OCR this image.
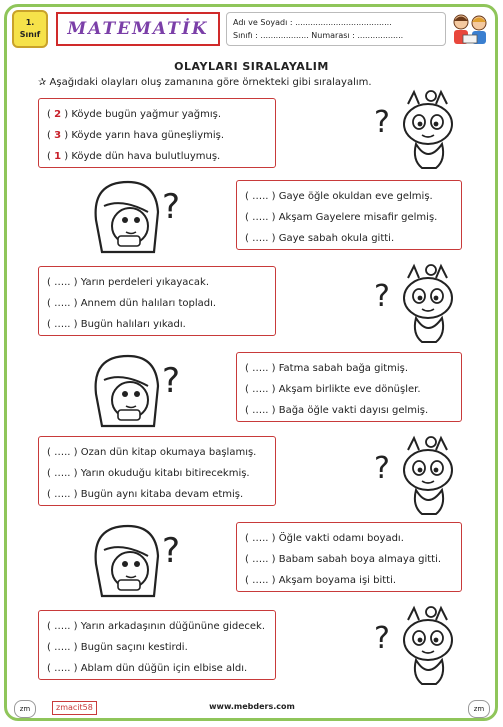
1.
Sınıf	MATEMATİK	Adı ve Soyadı : ......................................
Sınıfı : ................... Numarası : ..................
OLAYLARI SIRALAYALIM
✰ Aşağıdaki olayları oluş zamanına göre örnekteki gibi sıralayalım.
( 2 ) Köyde bugün yağmur yağmış.
( 3 ) Köyde yarın hava güneşliymiş.
( 1 ) Köyde dün hava bulutluymuş.
( ….. ) Gaye öğle okuldan eve gelmiş.
( ….. ) Akşam Gayelere misafir gelmiş.
( ….. ) Gaye sabah okula gitti.
( ….. ) Yarın perdeleri yıkayacak.
( ….. ) Annem dün halıları topladı.
( ….. ) Bugün halıları yıkadı.
( ….. ) Fatma sabah bağa gitmiş.
( ….. ) Akşam birlikte eve dönüşler.
( ….. ) Bağa öğle vakti dayısı gelmiş.
( ….. ) Ozan dün kitap okumaya başlamış.
( ….. ) Yarın okuduğu kitabı bitirecekmiş.
( ….. ) Bugün aynı kitaba devam etmiş.
( ….. ) Öğle vakti odamı boyadı.
( ….. ) Babam sabah boya almaya gitti.
( ….. ) Akşam boyama işi bitti.
( ….. ) Yarın arkadaşının düğününe gidecek.
( ….. ) Bugün saçını kestirdi.
( ….. ) Ablam dün düğün için elbise aldı.
?
?
?
?
?
?
?
zm	zmacit58	www.mebders.com	zm
